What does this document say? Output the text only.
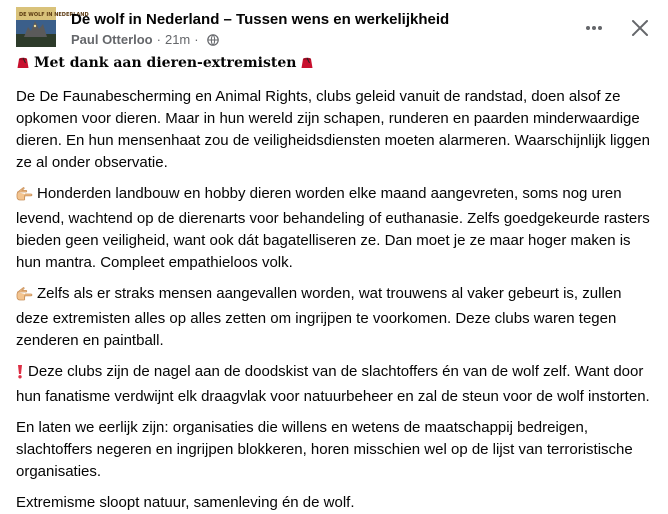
DE WOLF IN NEDERLAND
De wolf in Nederland – Tussen wens en werkelijkheid
Paul Otterloo · 21m ·

Met dank aan dieren-extremisten

De De Faunabescherming en Animal Rights, clubs geleid vanuit de randstad, doen alsof ze opkomen voor dieren. Maar in hun wereld zijn schapen, runderen en paarden minderwaardige dieren. En hun mensenhaat zou de veiligheidsdiensten moeten alarmeren. Waarschijnlijk liggen ze al onder observatie.

Honderden landbouw en hobby dieren worden elke maand aangevreten, soms nog uren levend, wachtend op de dierenarts voor behandeling of euthanasie. Zelfs goedgekeurde rasters bieden geen veiligheid, want ook dát bagatelliseren ze. Dan moet je ze maar hoger maken is hun mantra. Compleet empathieloos volk.

Zelfs als er straks mensen aangevallen worden, wat trouwens al vaker gebeurt is, zullen deze extremisten alles op alles zetten om ingrijpen te voorkomen. Deze clubs waren tegen zenderen en paintball.

Deze clubs zijn de nagel aan de doodskist van de slachtoffers én van de wolf zelf. Want door hun fanatisme verdwijnt elk draagvlak voor natuurbeheer en zal de steun voor de wolf instorten.

En laten we eerlijk zijn: organisaties die willens en wetens de maatschappij bedreigen, slachtoffers negeren en ingrijpen blokkeren, horen misschien wel op de lijst van terroristische organisaties.

Extremisme sloopt natuur, samenleving én de wolf.
